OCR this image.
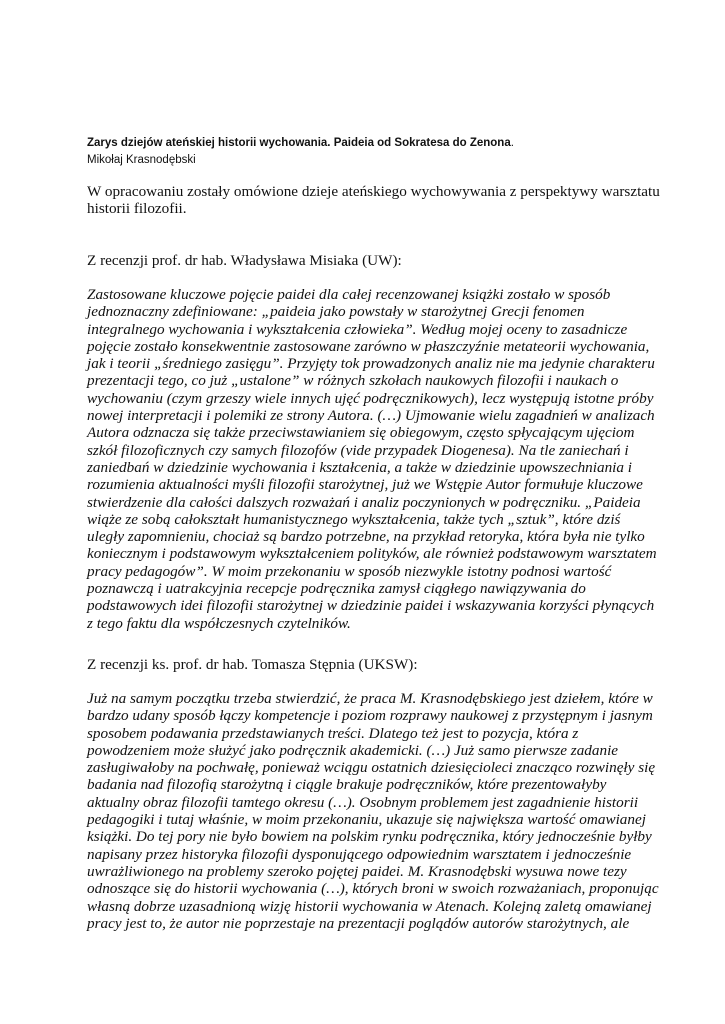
Zarys dziejów ateńskiej historii wychowania. Paideia od Sokratesa do Zenona.
Mikołaj Krasnodębski
W opracowaniu zostały omówione dzieje ateńskiego wychowywania z perspektywy warsztatu
historii filozofii.
Z recenzji prof. dr hab. Władysława Misiaka (UW):
Zastosowane kluczowe pojęcie paidei dla całej recenzowanej książki zostało w sposób
jednoznaczny zdefiniowane: „paideia jako powstały w starożytnej Grecji fenomen
integralnego wychowania i wykształcenia człowieka”. Według mojej oceny to zasadnicze
pojęcie zostało konsekwentnie zastosowane zarówno w płaszczyźnie metateorii wychowania,
jak i teorii „średniego zasięgu”. Przyjęty tok prowadzonych analiz nie ma jedynie charakteru
prezentacji tego, co już „ustalone” w różnych szkołach naukowych filozofii i naukach o
wychowaniu (czym grzeszy wiele innych ujęć podręcznikowych), lecz występują istotne próby
nowej interpretacji i polemiki ze strony Autora. (…) Ujmowanie wielu zagadnień w analizach
Autora odznacza się także przeciwstawianiem się obiegowym, często spłycającym ujęciom
szkół filozoficznych czy samych filozofów (vide przypadek Diogenesa). Na tle zaniechań i
zaniedbań w dziedzinie wychowania i kształcenia, a także w dziedzinie upowszechniania i
rozumienia aktualności myśli filozofii starożytnej, już we Wstępie Autor formułuje kluczowe
stwierdzenie dla całości dalszych rozważań i analiz poczynionych w podręczniku. „Paideia
wiąże ze sobą całokształt humanistycznego wykształcenia, także tych „sztuk”, które dziś
uległy zapomnieniu, chociaż są bardzo potrzebne, na przykład retoryka, która była nie tylko
koniecznym i podstawowym wykształceniem polityków, ale również podstawowym warsztatem
pracy pedagogów”. W moim przekonaniu w sposób niezwykle istotny podnosi wartość
poznawczą i uatrakcyjnia recepcje podręcznika zamysł ciągłego nawiązywania do
podstawowych idei filozofii starożytnej w dziedzinie paidei i wskazywania korzyści płynących
z tego faktu dla współczesnych czytelników.
Z recenzji ks. prof. dr hab. Tomasza Stępnia (UKSW):
Już na samym początku trzeba stwierdzić, że praca M. Krasnodębskiego jest dziełem, które w
bardzo udany sposób łączy kompetencje i poziom rozprawy naukowej z przystępnym i jasnym
sposobem podawania przedstawianych treści. Dlatego też jest to pozycja, która z
powodzeniem może służyć jako podręcznik akademicki. (…) Już samo pierwsze zadanie
zasługiwałoby na pochwałę, ponieważ wciągu ostatnich dziesięcioleci znacząco rozwinęły się
badania nad filozofią starożytną i ciągle brakuje podręczników, które prezentowałyby
aktualny obraz filozofii tamtego okresu (…). Osobnym problemem jest zagadnienie historii
pedagogiki i tutaj właśnie, w moim przekonaniu, ukazuje się największa wartość omawianej
książki. Do tej pory nie było bowiem na polskim rynku podręcznika, który jednocześnie byłby
napisany przez historyka filozofii dysponującego odpowiednim warsztatem i jednocześnie
uwrażliwionego na problemy szeroko pojętej paidei. M. Krasnodębski wysuwa nowe tezy
odnoszące się do historii wychowania (…), których broni w swoich rozważaniach, proponując
własną dobrze uzasadnioną wizję historii wychowania w Atenach. Kolejną zaletą omawianej
pracy jest to, że autor nie poprzestaje na prezentacji poglądów autorów starożytnych, ale
